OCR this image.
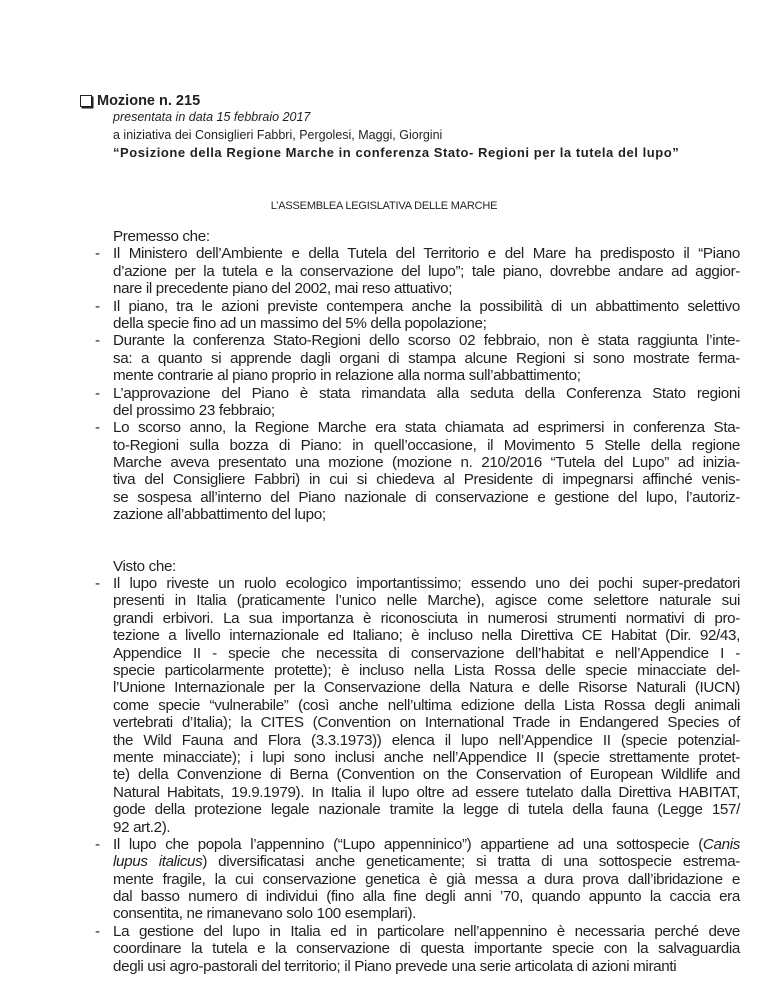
Mozione n. 215
presentata in data 15 febbraio 2017
a iniziativa dei Consiglieri Fabbri, Pergolesi, Maggi, Giorgini
“Posizione della Regione Marche in conferenza Stato- Regioni per la tutela del lupo”
L’ASSEMBLEA LEGISLATIVA DELLE MARCHE
Premesso che:
- Il Ministero dell’Ambiente e della Tutela del Territorio e del Mare ha predisposto il “Piano
d’azione per la tutela e la conservazione del lupo”; tale piano, dovrebbe andare ad aggior-
nare il precedente piano del 2002, mai reso attuativo;
- Il piano, tra le azioni previste contempera anche la possibilità di un abbattimento selettivo
della specie fino ad un massimo del 5% della popolazione;
- Durante la conferenza Stato-Regioni dello scorso 02 febbraio, non è stata raggiunta l’inte-
sa: a quanto si apprende dagli organi di stampa alcune Regioni si sono mostrate ferma-
mente contrarie al piano proprio in relazione alla norma sull’abbattimento;
- L’approvazione del Piano è stata rimandata alla seduta della Conferenza Stato regioni
del prossimo 23 febbraio;
- Lo scorso anno, la Regione Marche era stata chiamata ad esprimersi in conferenza Sta-
to-Regioni sulla bozza di Piano: in quell’occasione, il Movimento 5 Stelle della regione
Marche aveva presentato una mozione (mozione n. 210/2016 “Tutela del Lupo” ad inizia-
tiva del Consigliere Fabbri) in cui si chiedeva al Presidente di impegnarsi affinché venis-
se sospesa all’interno del Piano nazionale di conservazione e gestione del lupo, l’autoriz-
zazione all’abbattimento del lupo;
Visto che:
- Il lupo riveste un ruolo ecologico importantissimo; essendo uno dei pochi super-predatori
presenti in Italia (praticamente l’unico nelle Marche), agisce come selettore naturale sui
grandi erbivori. La sua importanza è riconosciuta in numerosi strumenti normativi di pro-
tezione a livello internazionale ed Italiano; è incluso nella Direttiva CE Habitat (Dir. 92/43,
Appendice II - specie che necessita di conservazione dell’habitat e nell’Appendice I -
specie particolarmente protette); è incluso nella Lista Rossa delle specie minacciate del-
l’Unione Internazionale per la Conservazione della Natura e delle Risorse Naturali (IUCN)
come specie “vulnerabile” (così anche nell’ultima edizione della Lista Rossa degli animali
vertebrati d’Italia); la CITES (Convention on International Trade in Endangered Species of
the Wild Fauna and Flora (3.3.1973)) elenca il lupo nell’Appendice II (specie potenzial-
mente minacciate); i lupi sono inclusi anche nell’Appendice II (specie strettamente protet-
te) della Convenzione di Berna (Convention on the Conservation of European Wildlife and
Natural Habitats, 19.9.1979). In Italia il lupo oltre ad essere tutelato dalla Direttiva HABITAT,
gode della protezione legale nazionale tramite la legge di tutela della fauna (Legge 157/
92 art.2).
- Il lupo che popola l’appennino (“Lupo appenninico”) appartiene ad una sottospecie (Canis
lupus italicus) diversificatasi anche geneticamente; si tratta di una sottospecie estrema-
mente fragile, la cui conservazione genetica è già messa a dura prova dall’ibridazione e
dal basso numero di individui (fino alla fine degli anni ’70, quando appunto la caccia era
consentita, ne rimanevano solo 100 esemplari).
- La gestione del lupo in Italia ed in particolare nell’appennino è necessaria perché deve
coordinare la tutela e la conservazione di questa importante specie con la salvaguardia
degli usi agro-pastorali del territorio; il Piano prevede una serie articolata di azioni miranti
